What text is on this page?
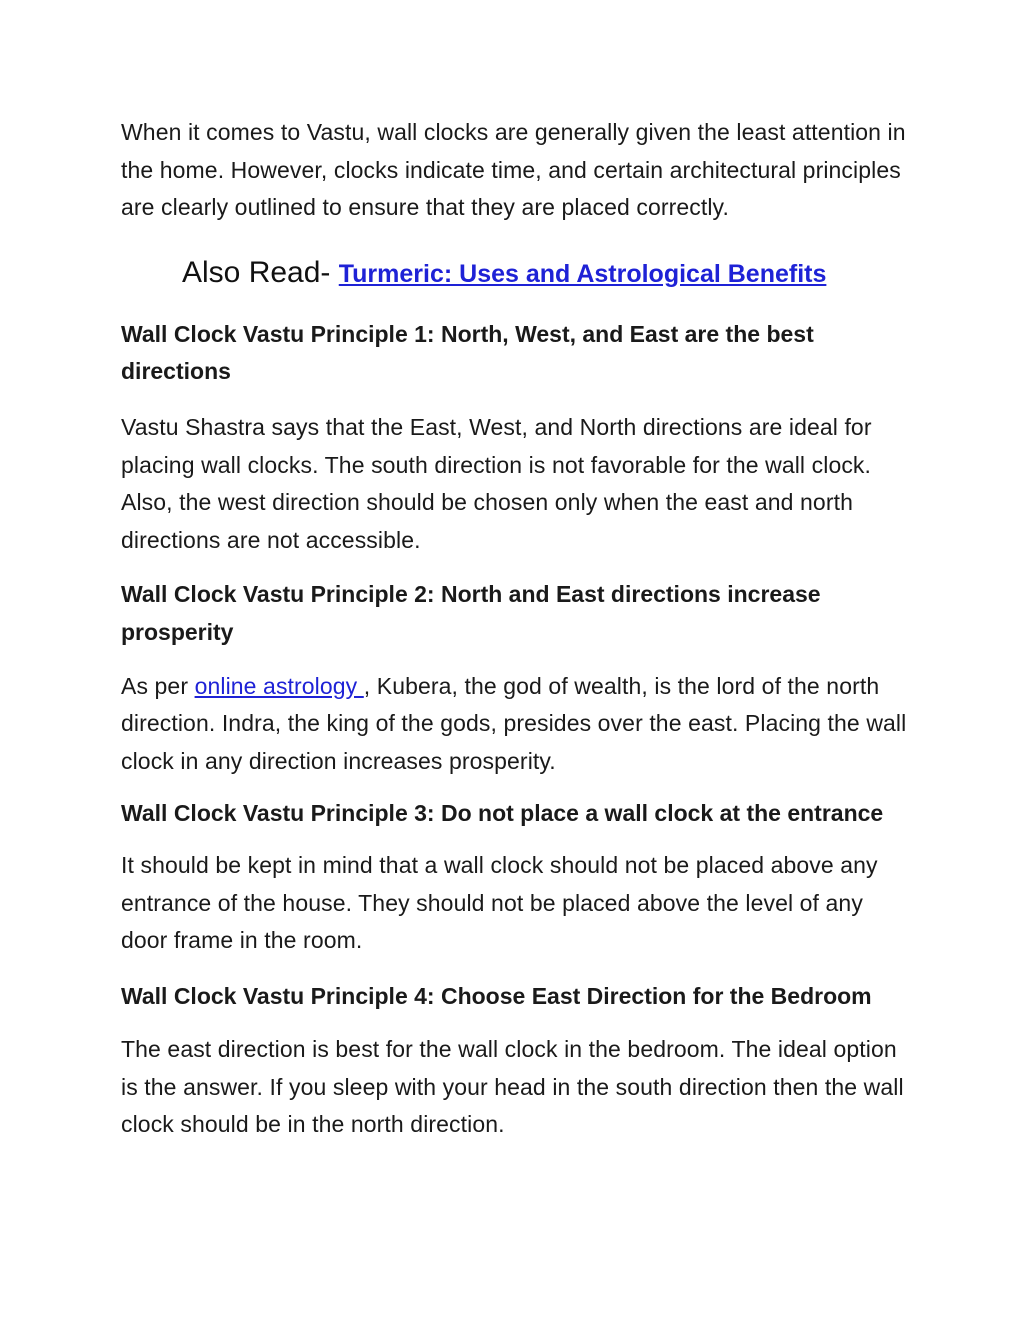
When it comes to Vastu, wall clocks are generally given the least attention in the home. However, clocks indicate time, and certain architectural principles are clearly outlined to ensure that they are placed correctly.

Also Read- Turmeric: Uses and Astrological Benefits
Wall Clock Vastu Principle 1: North, West, and East are the best directions

Vastu Shastra says that the East, West, and North directions are ideal for placing wall clocks. The south direction is not favorable for the wall clock. Also, the west direction should be chosen only when the east and north directions are not accessible.

Wall Clock Vastu Principle 2: North and East directions increase prosperity

As per online astrology , Kubera, the god of wealth, is the lord of the north direction. Indra, the king of the gods, presides over the east. Placing the wall clock in any direction increases prosperity.

Wall Clock Vastu Principle 3: Do not place a wall clock at the entrance

It should be kept in mind that a wall clock should not be placed above any entrance of the house. They should not be placed above the level of any door frame in the room.

Wall Clock Vastu Principle 4: Choose East Direction for the Bedroom

The east direction is best for the wall clock in the bedroom. The ideal option is the answer. If you sleep with your head in the south direction then the wall clock should be in the north direction.
